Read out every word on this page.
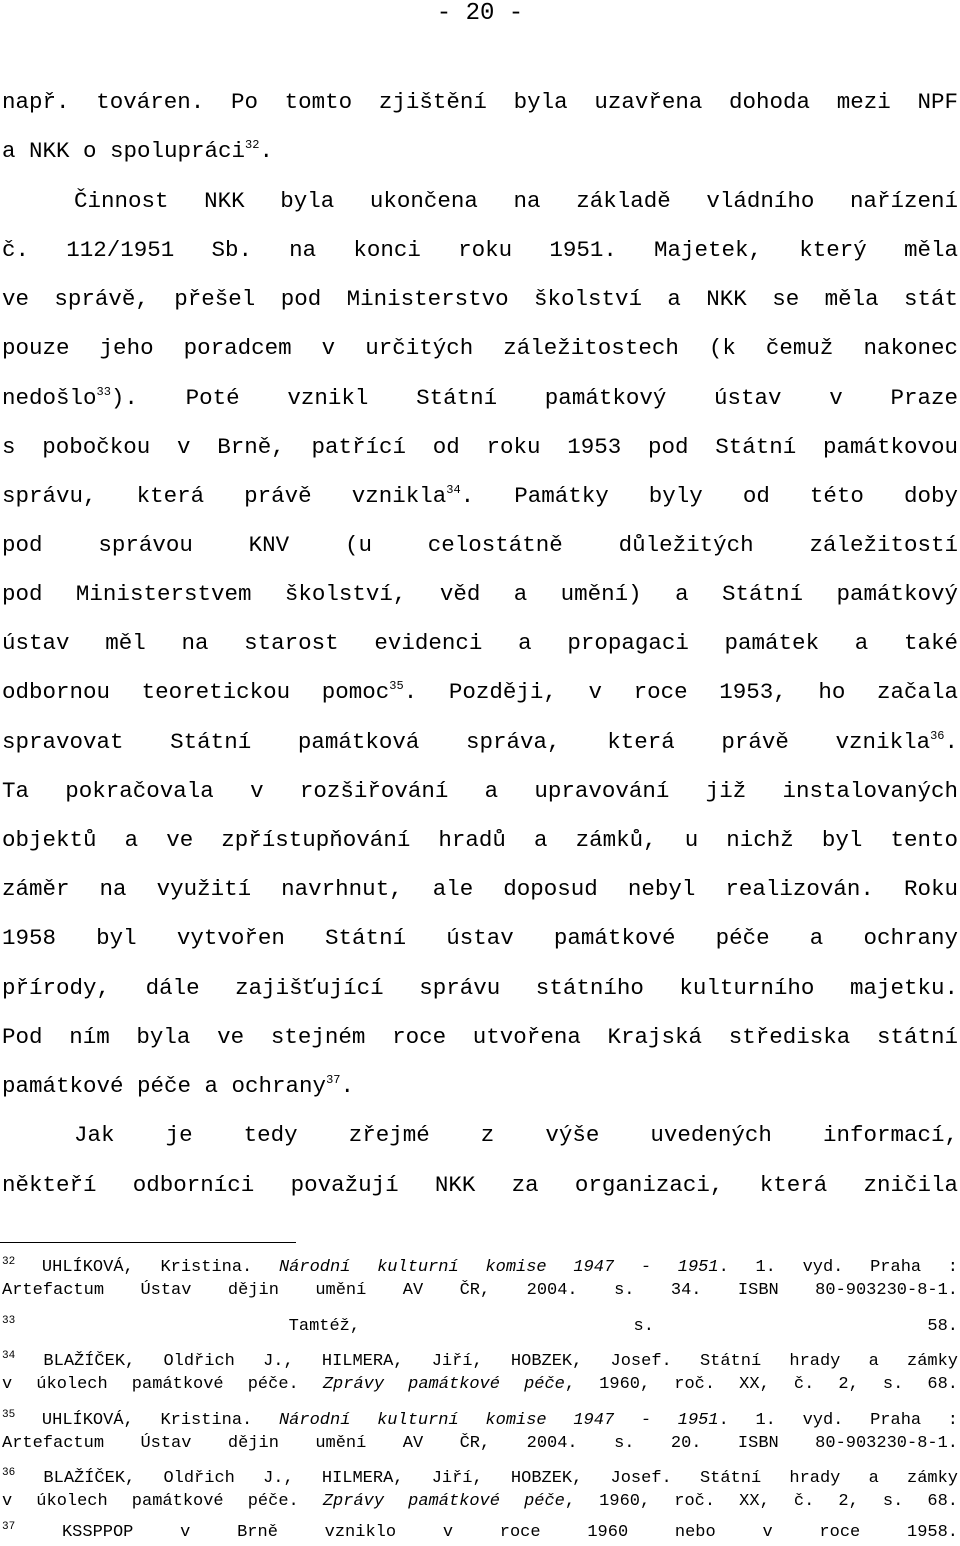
- 20 -
např. továren. Po tomto zjištění byla uzavřena dohoda mezi NPF
a NKK o spolupráci$^{32}$.
Činnost NKK byla ukončena na základě vládního nařízení
č. 112/1951 Sb. na konci roku 1951. Majetek, který měla
ve správě, přešel pod Ministerstvo školství a NKK se měla stát
pouze jeho poradcem v určitých záležitostech (k čemuž nakonec
nedošlo$^{33}$). Poté vznikl Státní památkový ústav v Praze
s pobočkou v Brně, patřící od roku 1953 pod Státní památkovou
správu, která právě vznikla$^{34}$. Památky byly od této doby
pod správou KNV (u celostátně důležitých záležitostí
pod Ministerstvem školství, věd a umění) a Státní památkový
ústav měl na starost evidenci a propagaci památek a také
odbornou teoretickou pomoc$^{35}$. Později, v roce 1953, ho začala
spravovat Státní památková správa, která právě vznikla$^{36}$.
Ta pokračovala v rozšiřování a upravování již instalovaných
objektů a ve zpřístupňování hradů a zámků, u nichž byl tento
záměr na využití navrhnut, ale doposud nebyl realizován. Roku
1958 byl vytvořen Státní ústav památkové péče a ochrany
přírody, dále zajišťující správu státního kulturního majetku.
Pod ním byla ve stejném roce utvořena Krajská střediska státní
památkové péče a ochrany$^{37}$.
Jak je tedy zřejmé z výše uvedených informací,
někteří odborníci považují NKK za organizaci, která zničila
$^{32}$ UHLÍKOVÁ, Kristina. Národní kulturní komise 1947 - 1951. 1. vyd. Praha :
Artefactum Ústav dějin umění AV ČR, 2004. s. 34. ISBN 80-903230-8-1.
$^{33}$	Tamtéž, s. 58.
$^{34}$ BLAŽÍČEK, Oldřich J., HILMERA, Jiří, HOBZEK, Josef. Státní hrady a zámky
v úkolech památkové péče. Zprávy památkové péče, 1960, roč. XX, č. 2, s. 68.
$^{35}$ UHLÍKOVÁ, Kristina. Národní kulturní komise 1947 - 1951. 1. vyd. Praha :
Artefactum Ústav dějin umění AV ČR, 2004. s. 20. ISBN 80-903230-8-1.
$^{36}$ BLAŽÍČEK, Oldřich J., HILMERA, Jiří, HOBZEK, Josef. Státní hrady a zámky
v úkolech památkové péče. Zprávy památkové péče, 1960, roč. XX, č. 2, s. 68.
$^{37}$	KSSPPOP v Brně vzniklo v roce 1960 nebo v roce 1958.
